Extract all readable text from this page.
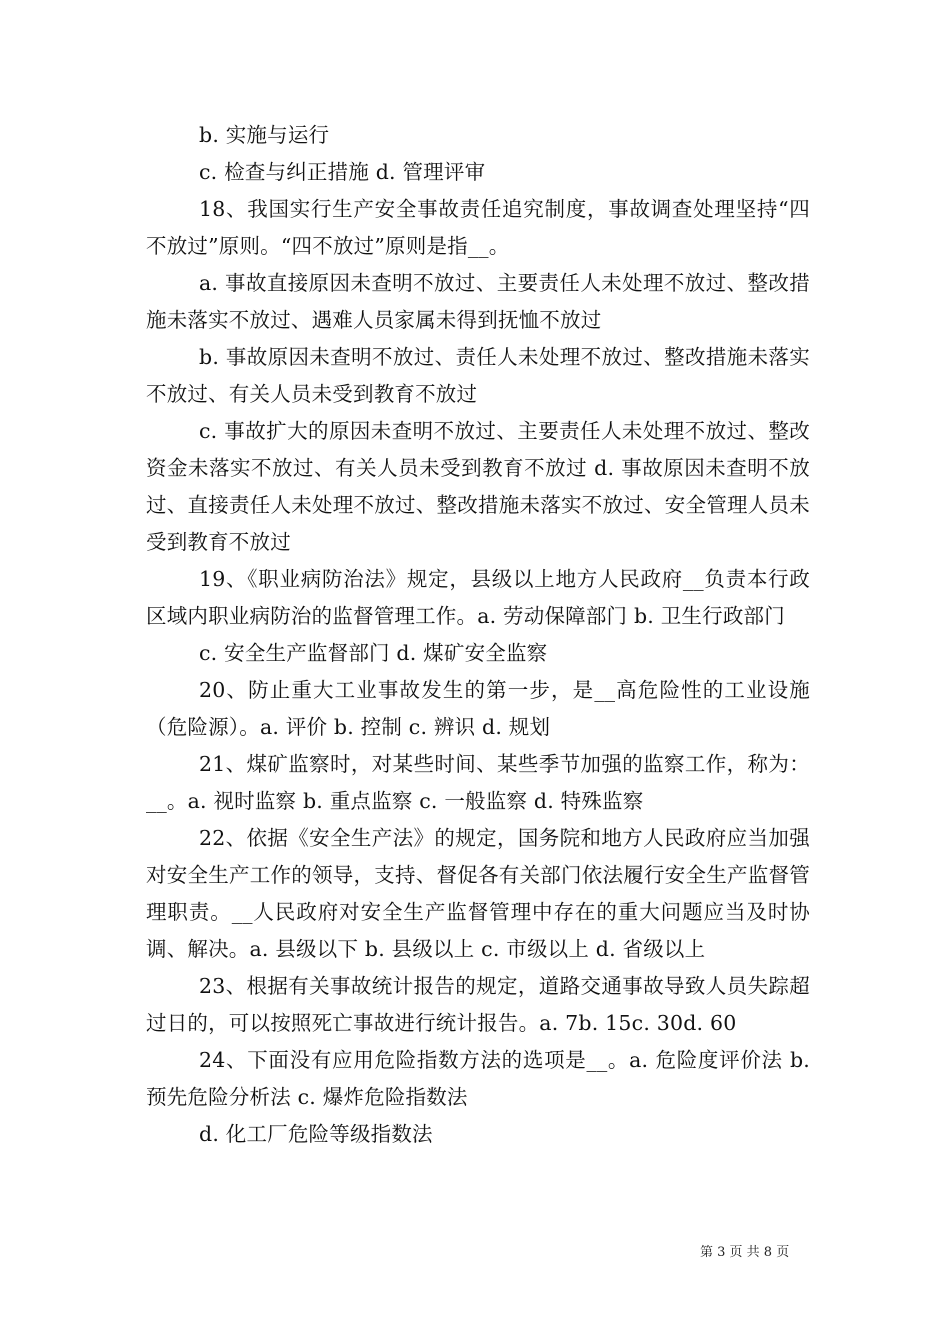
b. 实施与运行

c. 检查与纠正措施 d. 管理评审

18、我国实行生产安全事故责任追究制度，事故调查处理坚持“四不放过”原则。“四不放过”原则是指__。

a. 事故直接原因未查明不放过、主要责任人未处理不放过、整改措施未落实不放过、遇难人员家属未得到抚恤不放过

b. 事故原因未查明不放过、责任人未处理不放过、整改措施未落实不放过、有关人员未受到教育不放过

c. 事故扩大的原因未查明不放过、主要责任人未处理不放过、整改资金未落实不放过、有关人员未受到教育不放过 d. 事故原因未查明不放过、直接责任人未处理不放过、整改措施未落实不放过、安全管理人员未受到教育不放过

19、《职业病防治法》规定，县级以上地方人民政府__负责本行政区域内职业病防治的监督管理工作。a. 劳动保障部门 b. 卫生行政部门

c. 安全生产监督部门 d. 煤矿安全监察

20、防止重大工业事故发生的第一步，是__高危险性的工业设施（危险源）。a. 评价 b. 控制 c. 辨识 d. 规划

21、煤矿监察时，对某些时间、某些季节加强的监察工作，称为：__。a. 视时监察 b. 重点监察 c. 一般监察 d. 特殊监察

22、依据《安全生产法》的规定，国务院和地方人民政府应当加强对安全生产工作的领导，支持、督促各有关部门依法履行安全生产监督管理职责。__人民政府对安全生产监督管理中存在的重大问题应当及时协调、解决。a. 县级以下 b. 县级以上 c. 市级以上 d. 省级以上

23、根据有关事故统计报告的规定，道路交通事故导致人员失踪超过日的，可以按照死亡事故进行统计报告。a. 7b. 15c. 30d. 60

24、下面没有应用危险指数方法的选项是__。a. 危险度评价法 b. 预先危险分析法 c. 爆炸危险指数法

d. 化工厂危险等级指数法

第 3 页 共 8 页
